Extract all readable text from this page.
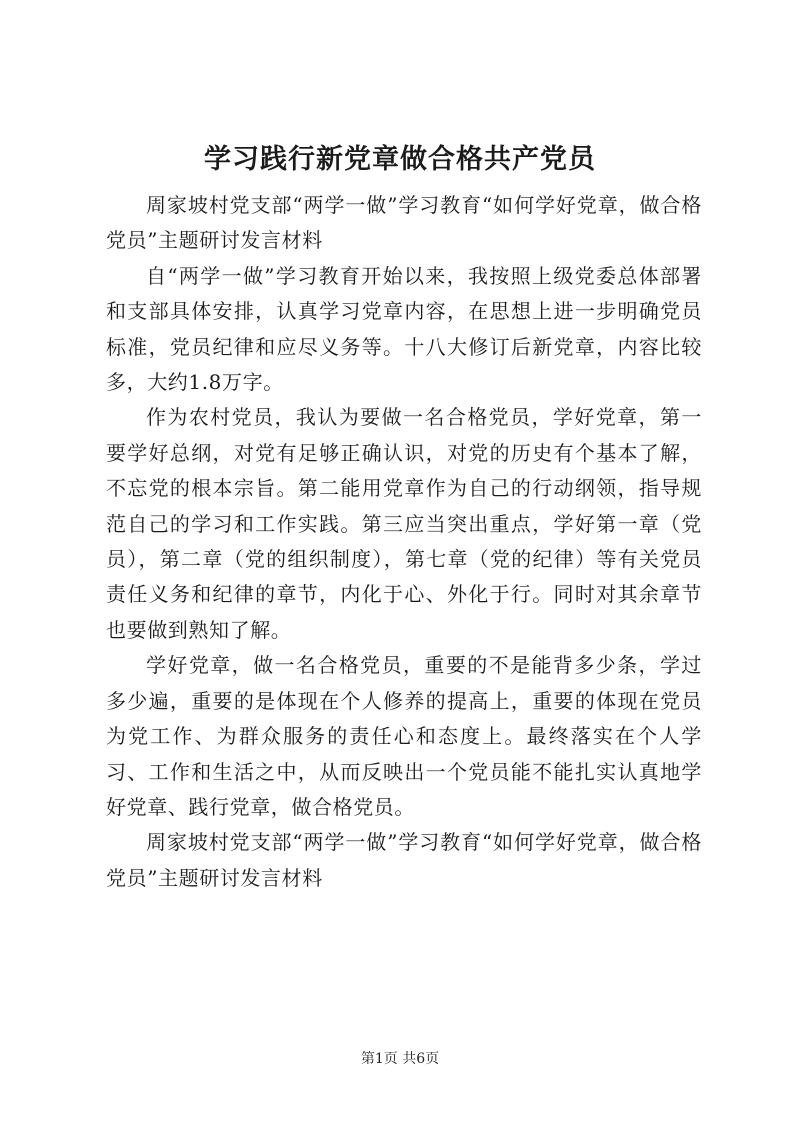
学习践行新党章做合格共产党员

周家坡村党支部“两学一做”学习教育“如何学好党章，做合格党员”主题研讨发言材料

自“两学一做”学习教育开始以来，我按照上级党委总体部署和支部具体安排，认真学习党章内容，在思想上进一步明确党员标准，党员纪律和应尽义务等。十八大修订后新党章，内容比较多，大约1.8万字。

作为农村党员，我认为要做一名合格党员，学好党章，第一要学好总纲，对党有足够正确认识，对党的历史有个基本了解，不忘党的根本宗旨。第二能用党章作为自己的行动纲领，指导规范自己的学习和工作实践。第三应当突出重点，学好第一章（党员），第二章（党的组织制度），第七章（党的纪律）等有关党员责任义务和纪律的章节，内化于心、外化于行。同时对其余章节也要做到熟知了解。

学好党章，做一名合格党员，重要的不是能背多少条，学过多少遍，重要的是体现在个人修养的提高上，重要的体现在党员为党工作、为群众服务的责任心和态度上。最终落实在个人学习、工作和生活之中，从而反映出一个党员能不能扎实认真地学好党章、践行党章，做合格党员。

周家坡村党支部“两学一做”学习教育“如何学好党章，做合格党员”主题研讨发言材料

第1页 共6页
